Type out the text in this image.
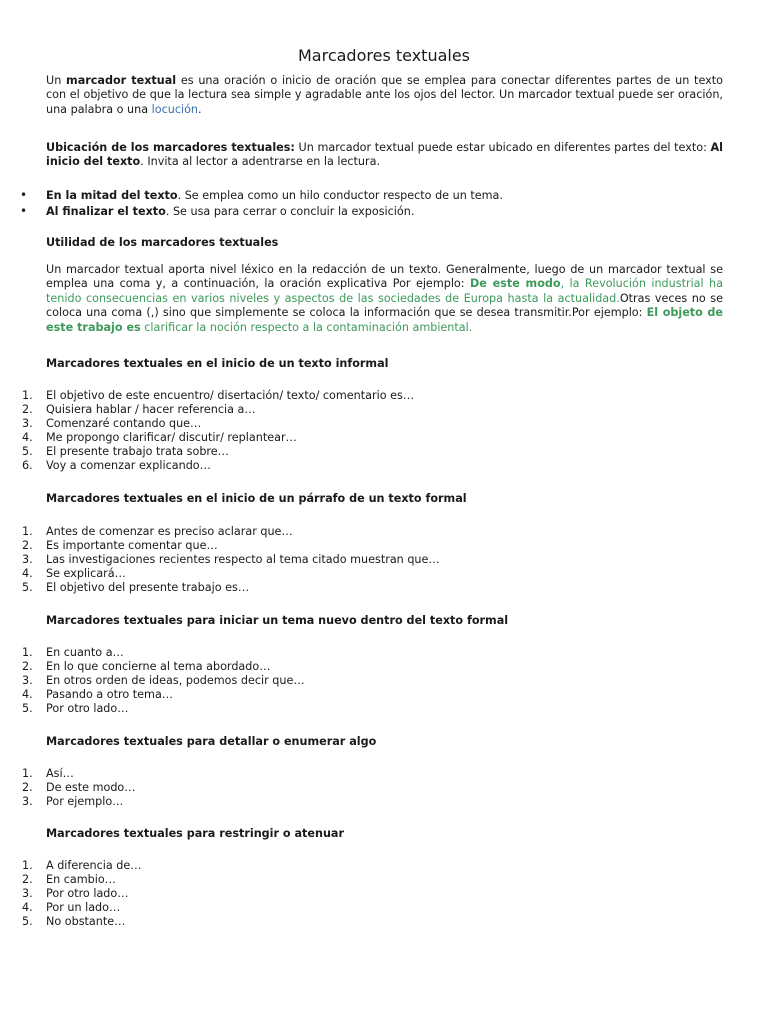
Marcadores textuales

Un marcador textual es una oración o inicio de oración que se emplea para conectar diferentes partes de un texto con el objetivo de que la lectura sea simple y agradable ante los ojos del lector. Un marcador textual puede ser oración, una palabra o una locución.

Ubicación de los marcadores textuales: Un marcador textual puede estar ubicado en diferentes partes del texto: Al inicio del texto. Invita al lector a adentrarse en la lectura.

• En la mitad del texto. Se emplea como un hilo conductor respecto de un tema.
• Al finalizar el texto. Se usa para cerrar o concluir la exposición.
Utilidad de los marcadores textuales

Un marcador textual aporta nivel léxico en la redacción de un texto. Generalmente, luego de un marcador textual se emplea una coma y, a continuación, la oración explicativa Por ejemplo: De este modo, la Revolución industrial ha tenido consecuencias en varios niveles y aspectos de las sociedades de Europa hasta la actualidad.Otras veces no se coloca una coma (,) sino que simplemente se coloca la información que se desea transmitir.Por ejemplo: El objeto de este trabajo es clarificar la noción respecto a la contaminación ambiental.

Marcadores textuales en el inicio de un texto informal
1. El objetivo de este encuentro/ disertación/ texto/ comentario es…
2. Quisiera hablar / hacer referencia a…
3. Comenzaré contando que…
4. Me propongo clarificar/ discutir/ replantear…
5. El presente trabajo trata sobre…
6. Voy a comenzar explicando…
Marcadores textuales en el inicio de un párrafo de un texto formal
1. Antes de comenzar es preciso aclarar que…
2. Es importante comentar que…
3. Las investigaciones recientes respecto al tema citado muestran que…
4. Se explicará…
5. El objetivo del presente trabajo es…
Marcadores textuales para iniciar un tema nuevo dentro del texto formal
1. En cuanto a…
2. En lo que concierne al tema abordado…
3. En otros orden de ideas, podemos decir que…
4. Pasando a otro tema…
5. Por otro lado…
Marcadores textuales para detallar o enumerar algo
1. Así…
2. De este modo…
3. Por ejemplo…
Marcadores textuales para restringir o atenuar
1. A diferencia de…
2. En cambio…
3. Por otro lado…
4. Por un lado…
5. No obstante…
